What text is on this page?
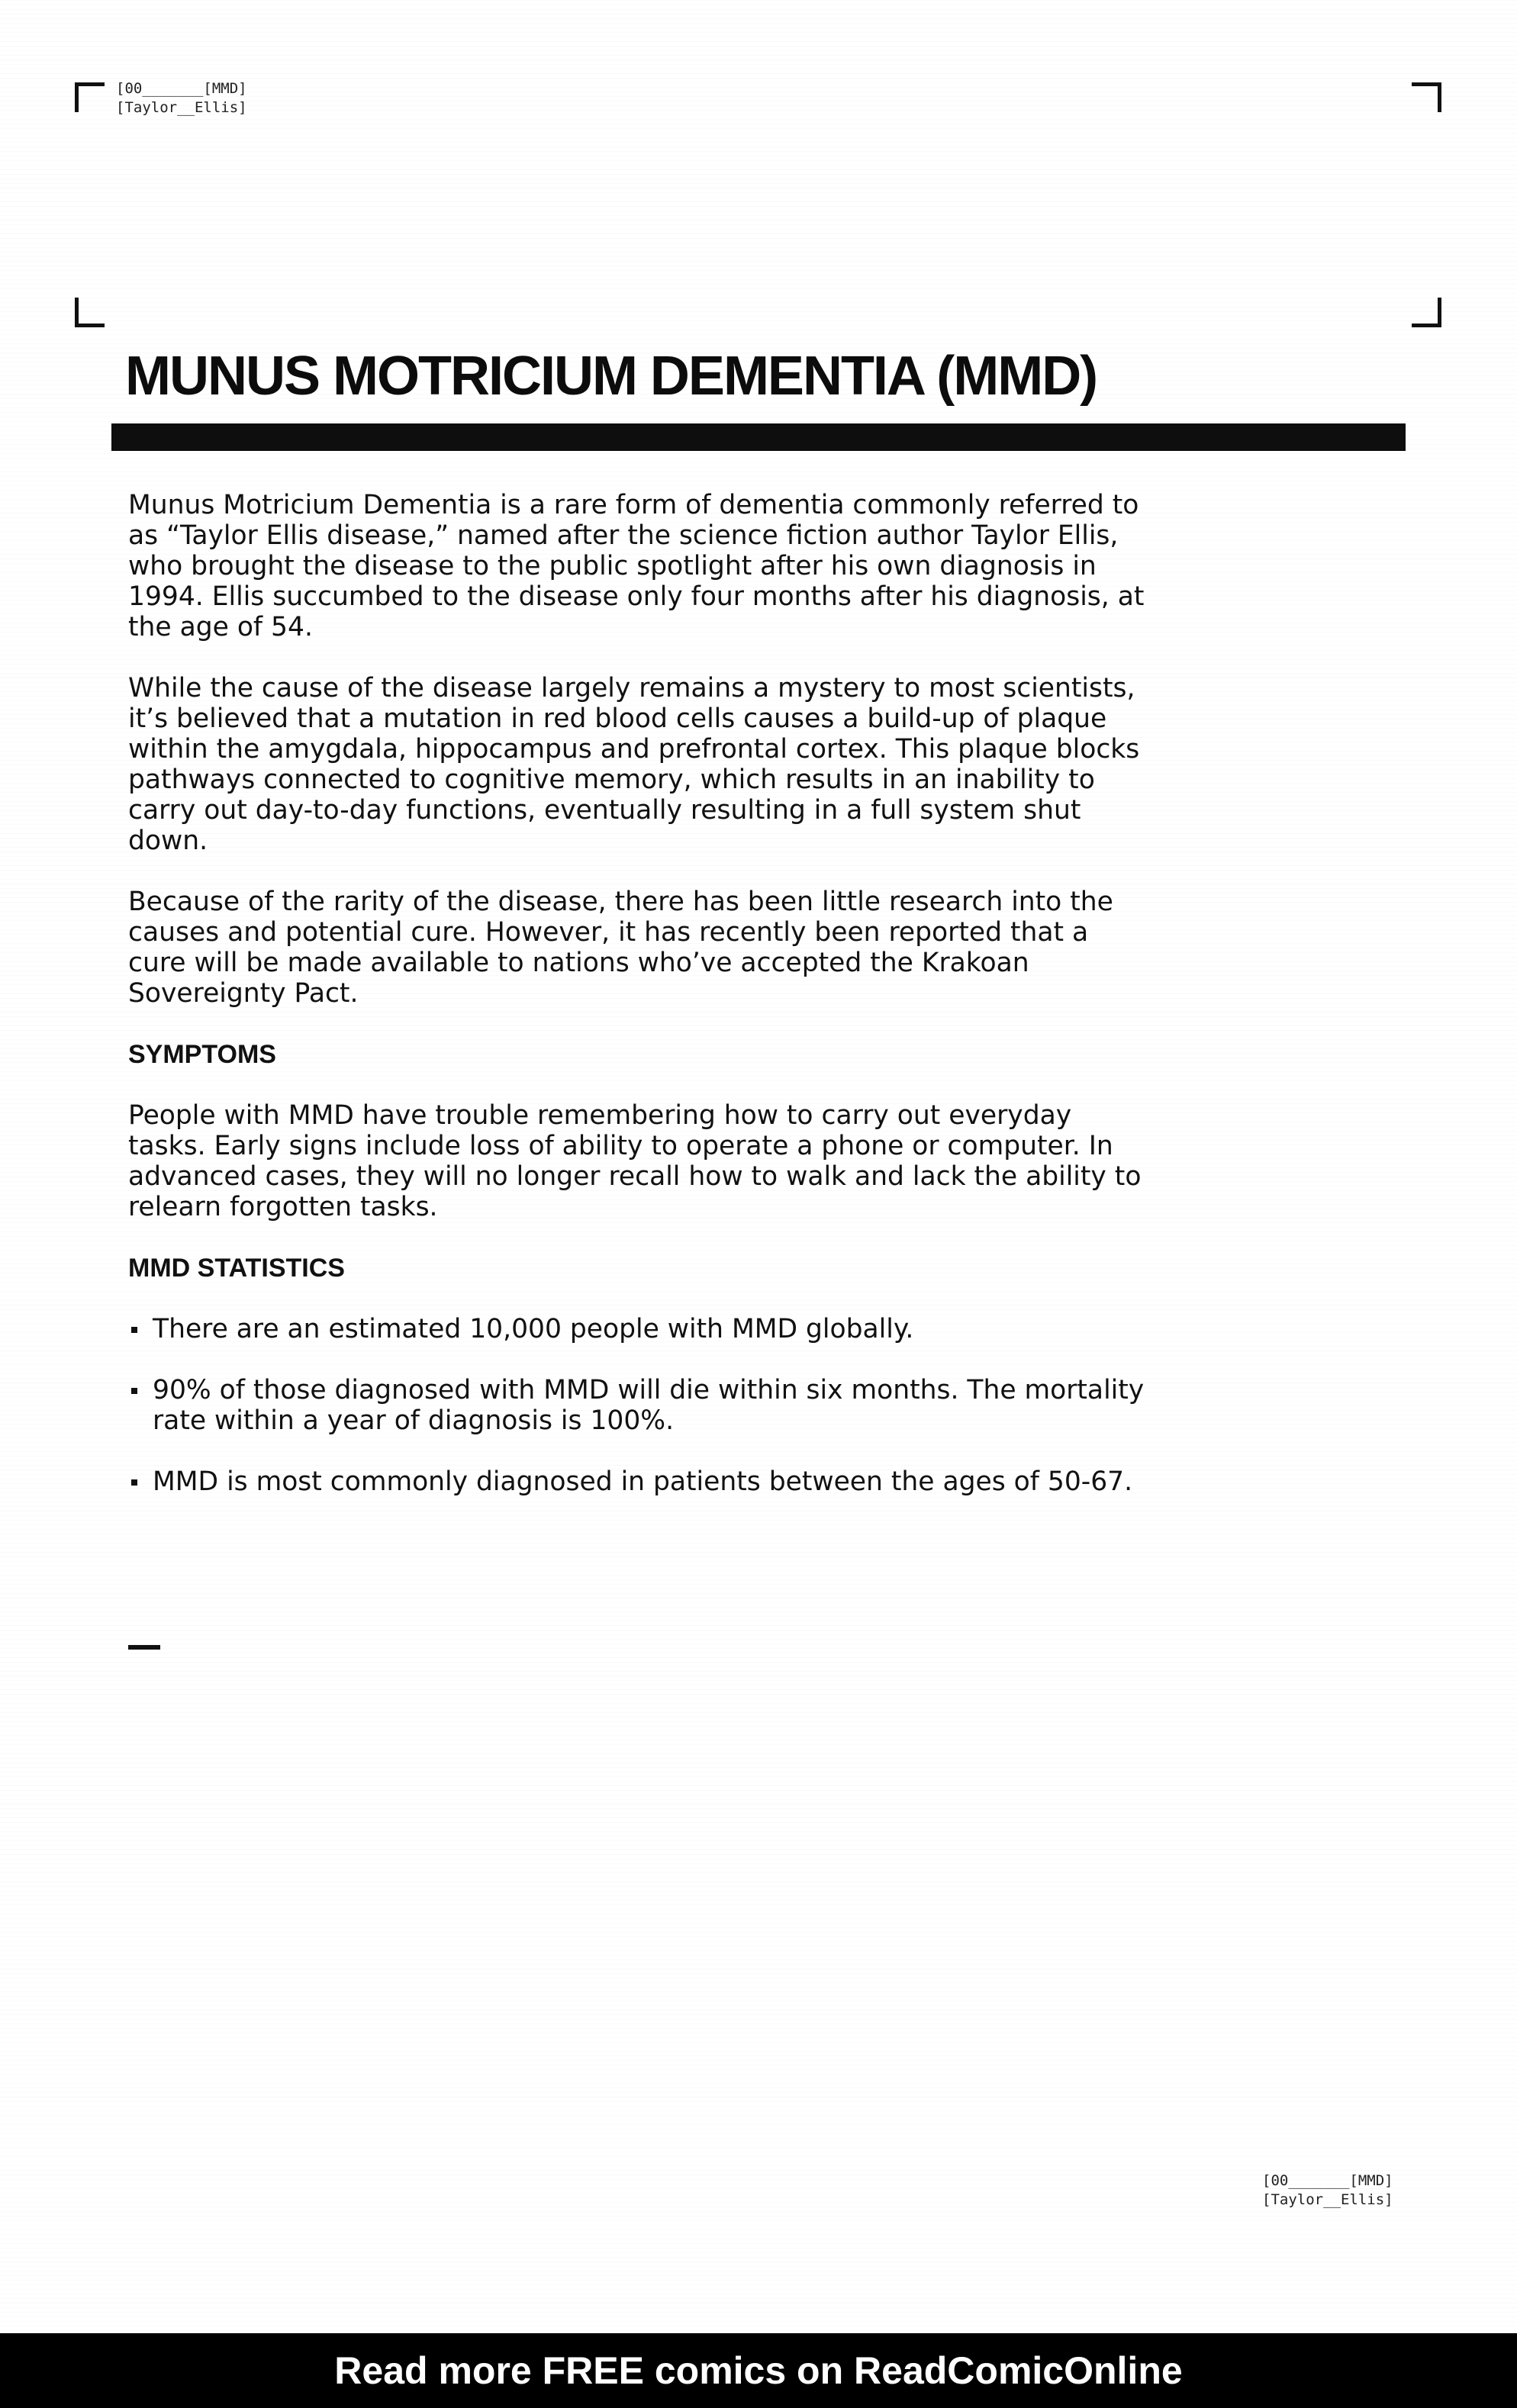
[00_______[MMD]
[Taylor__Ellis]
MUNUS MOTRICIUM DEMENTIA (MMD)

Munus Motricium Dementia is a rare form of dementia commonly referred to as “Taylor Ellis disease,” named after the science fiction author Taylor Ellis, who brought the disease to the public spotlight after his own diagnosis in 1994. Ellis succumbed to the disease only four months after his diagnosis, at the age of 54.

While the cause of the disease largely remains a mystery to most scientists, it’s believed that a mutation in red blood cells causes a build-up of plaque within the amygdala, hippocampus and prefrontal cortex. This plaque blocks pathways connected to cognitive memory, which results in an inability to carry out day-to-day functions, eventually resulting in a full system shut down.

Because of the rarity of the disease, there has been little research into the causes and potential cure. However, it has recently been reported that a cure will be made available to nations who’ve accepted the Krakoan Sovereignty Pact.

SYMPTOMS

People with MMD have trouble remembering how to carry out everyday tasks. Early signs include loss of ability to operate a phone or computer. In advanced cases, they will no longer recall how to walk and lack the ability to relearn forgotten tasks.

MMD STATISTICS
There are an estimated 10,000 people with MMD globally.
90% of those diagnosed with MMD will die within six months. The mortality rate within a year of diagnosis is 100%.
MMD is most commonly diagnosed in patients between the ages of 50-67.
[00_______[MMD]
[Taylor__Ellis]
Read more FREE comics on ReadComicOnline
